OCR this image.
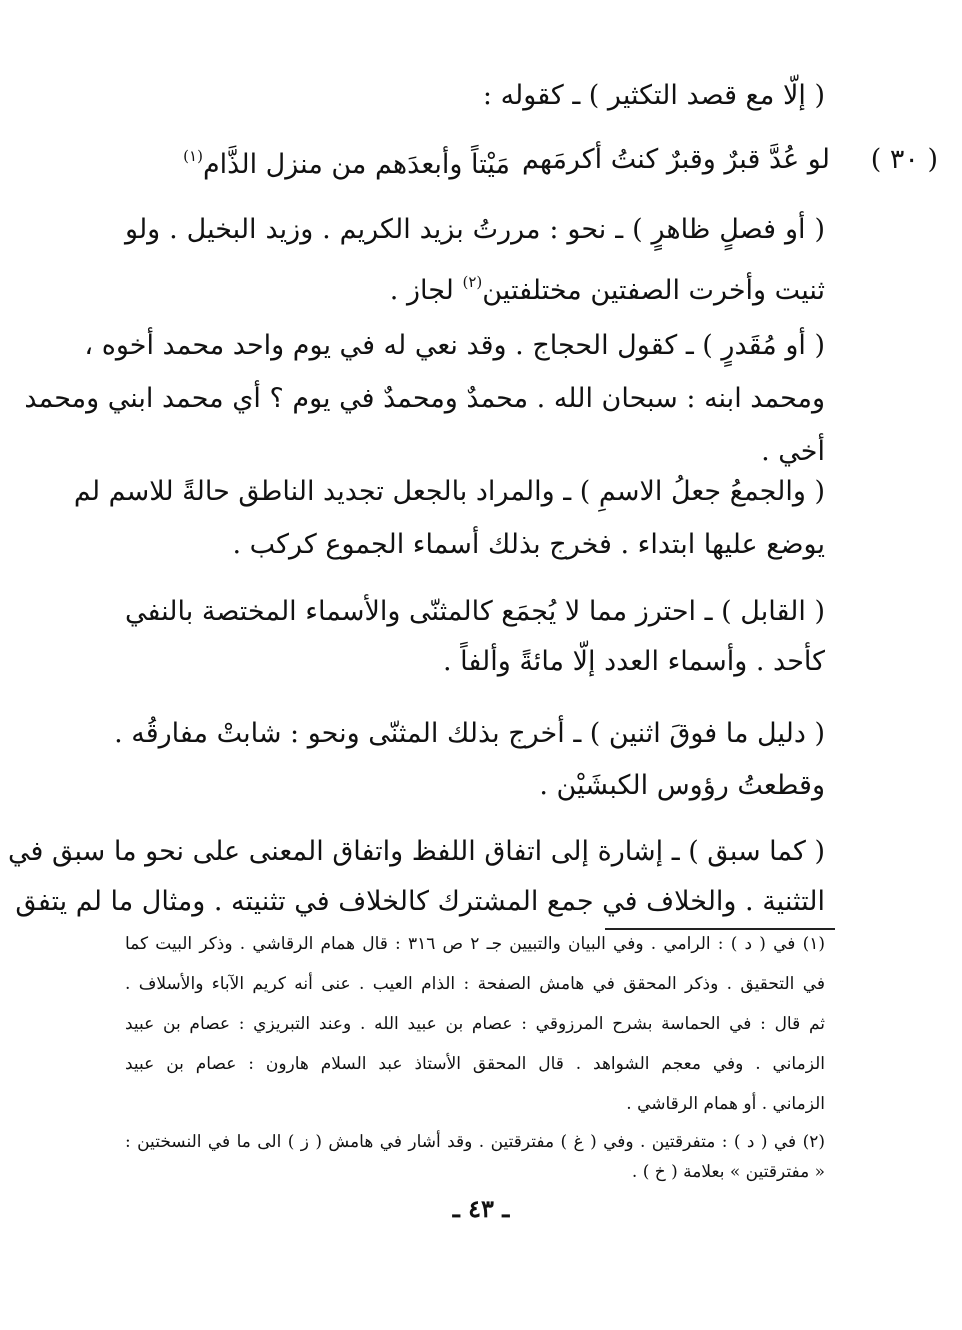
( إلّا مع قصد التكثير ) ـ كقوله :
( ٣٠ )
لو عُدَّ قبرٌ وقبرٌ كنتُ أكرمَهم
مَيْتاً وأبعدَهم من منزل الذَّام$^{(١)}$
( أو فصلٍ ظاهرٍ ) ـ نحو : مررتُ بزيد الكريم . وزيد البخيل . ولو
ثنيت وأخرت الصفتين مختلفتين$^{(٢)}$ لجاز .
( أو مُقَدرٍ ) ـ كقول الحجاج . وقد نعي له في يوم واحد محمد أخوه ،
ومحمد ابنه : سبحان الله . محمدٌ ومحمدٌ في يوم ؟ أي محمد ابني ومحمد
أخي .
( والجمعُ جعلُ الاسمِ ) ـ والمراد بالجعل تجديد الناطق حالةً للاسم لم
يوضع عليها ابتداء . فخرج بذلك أسماء الجموع كركب .
( القابل ) ـ احترز مما لا يُجمَع كالمثنّى والأسماء المختصة بالنفي
كأحد . وأسماء العدد إلّا مائةً وألفاً .
( دليل ما فوقَ اثنين ) ـ أخرج بذلك المثنّى ونحو : شابتْ مفارقُه .
وقطعتُ رؤوس الكبشَيْن .
( كما سبق ) ـ إشارة إلى اتفاق اللفظ واتفاق المعنى على نحو ما سبق في
التثنية . والخلاف في جمع المشترك كالخلاف في تثنيته . ومثال ما لم يتفق
(١) في ( د ) : الرامي . وفي البيان والتبيين جـ ٢ ص ٣١٦ : قال همام الرقاشي . وذكر البيت كما
في التحقيق . وذكر المحقق في هامش الصفحة : الذام العيب . عنى أنه كريم الآباء والأسلاف .
ثم قال : في الحماسة بشرح المرزوقي : عصام بن عبيد الله . وعند التبريزي : عصام بن عبيد
الزماني . وفي معجم الشواهد . قال المحقق الأستاذ عبد السلام هارون : عصام بن عبيد
الزماني . أو همام الرقاشي .
(٢) في ( د ) : متفرقتين . وفي ( غ ) مفترقتين . وقد أشار في هامش ( ز ) الى ما في النسختين :
« مفترقتين » بعلامة ( خ ) .
ـ ٤٣ ـ
